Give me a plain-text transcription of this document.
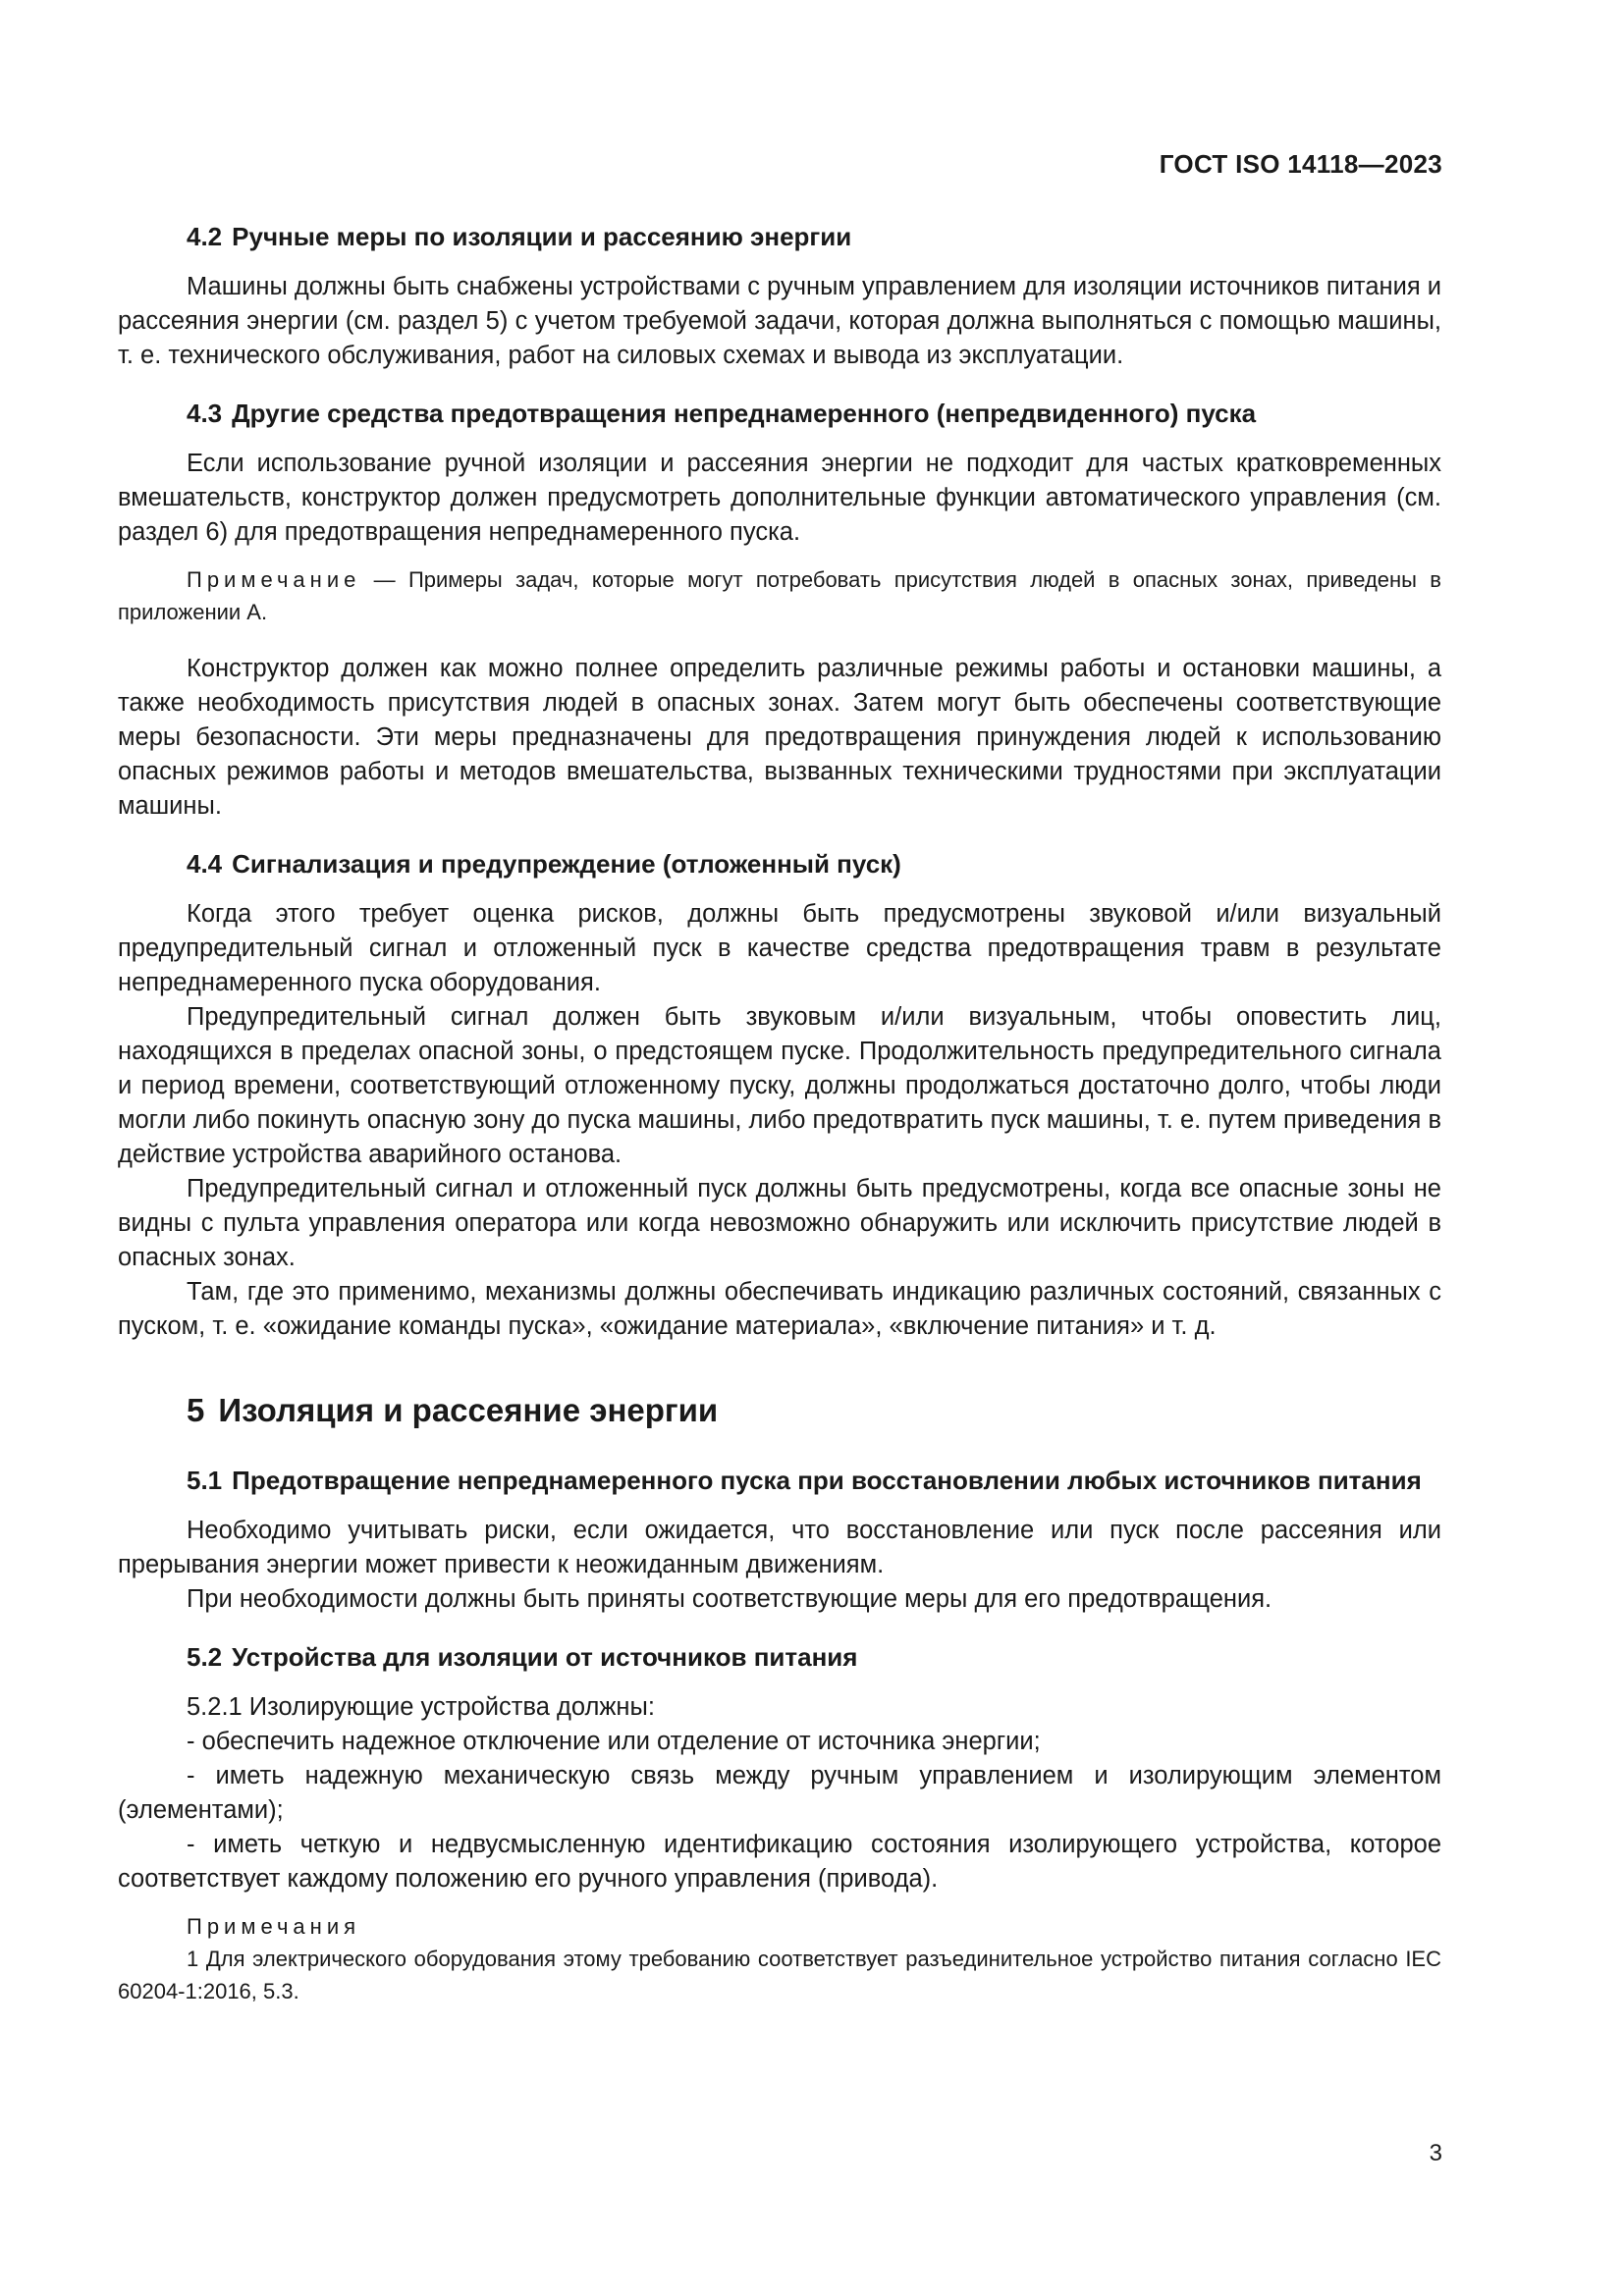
ГОСТ ISO 14118—2023
4.2 Ручные меры по изоляции и рассеянию энергии

Машины должны быть снабжены устройствами с ручным управлением для изоляции источников питания и рассеяния энергии (см. раздел 5) с учетом требуемой задачи, которая должна выполняться с помощью машины, т. е. технического обслуживания, работ на силовых схемах и вывода из эксплуатации.

4.3 Другие средства предотвращения непреднамеренного (непредвиденного) пуска

Если использование ручной изоляции и рассеяния энергии не подходит для частых кратковременных вмешательств, конструктор должен предусмотреть дополнительные функции автоматического управления (см. раздел 6) для предотвращения непреднамеренного пуска.

Примечание — Примеры задач, которые могут потребовать присутствия людей в опасных зонах, приведены в приложении А.

Конструктор должен как можно полнее определить различные режимы работы и остановки машины, а также необходимость присутствия людей в опасных зонах. Затем могут быть обеспечены соответствующие меры безопасности. Эти меры предназначены для предотвращения принуждения людей к использованию опасных режимов работы и методов вмешательства, вызванных техническими трудностями при эксплуатации машины.

4.4 Сигнализация и предупреждение (отложенный пуск)

Когда этого требует оценка рисков, должны быть предусмотрены звуковой и/или визуальный предупредительный сигнал и отложенный пуск в качестве средства предотвращения травм в результате непреднамеренного пуска оборудования.

Предупредительный сигнал должен быть звуковым и/или визуальным, чтобы оповестить лиц, находящихся в пределах опасной зоны, о предстоящем пуске. Продолжительность предупредительного сигнала и период времени, соответствующий отложенному пуску, должны продолжаться достаточно долго, чтобы люди могли либо покинуть опасную зону до пуска машины, либо предотвратить пуск машины, т. е. путем приведения в действие устройства аварийного останова.

Предупредительный сигнал и отложенный пуск должны быть предусмотрены, когда все опасные зоны не видны с пульта управления оператора или когда невозможно обнаружить или исключить присутствие людей в опасных зонах.

Там, где это применимо, механизмы должны обеспечивать индикацию различных состояний, связанных с пуском, т. е. «ожидание команды пуска», «ожидание материала», «включение питания» и т. д.

5 Изоляция и рассеяние энергии
5.1 Предотвращение непреднамеренного пуска при восстановлении любых источников питания

Необходимо учитывать риски, если ожидается, что восстановление или пуск после рассеяния или прерывания энергии может привести к неожиданным движениям.

При необходимости должны быть приняты соответствующие меры для его предотвращения.

5.2 Устройства для изоляции от источников питания

5.2.1 Изолирующие устройства должны:

- обеспечить надежное отключение или отделение от источника энергии;

- иметь надежную механическую связь между ручным управлением и изолирующим элементом (элементами);

- иметь четкую и недвусмысленную идентификацию состояния изолирующего устройства, которое соответствует каждому положению его ручного управления (привода).

Примечания

1 Для электрического оборудования этому требованию соответствует разъединительное устройство питания согласно IEC 60204-1:2016, 5.3.

3
